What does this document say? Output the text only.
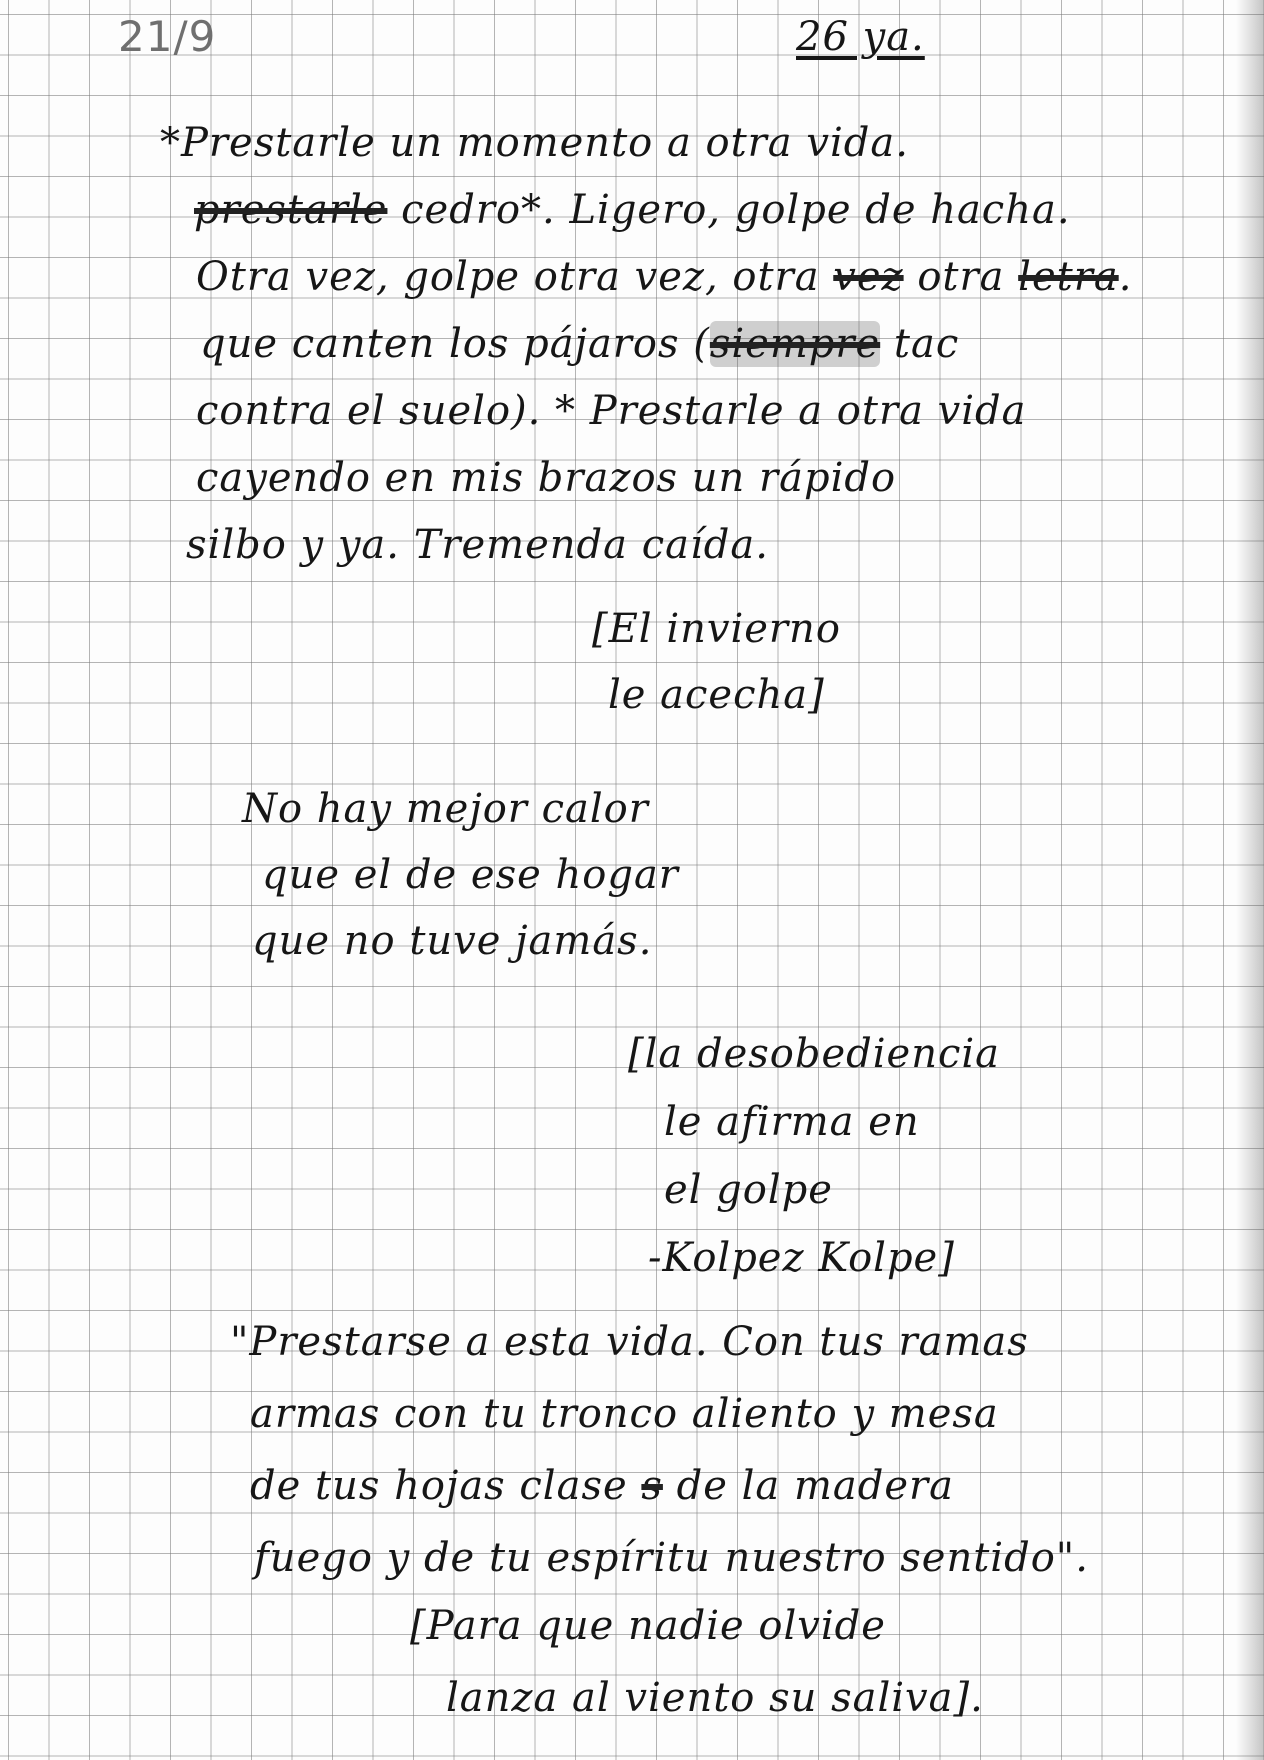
21/9	26 ya.
*Prestarle un momento a otra vida.
prestarle cedro*. Ligero, golpe de hacha.
Otra vez, golpe otra vez, otra vez otra letra.
que canten los pájaros (siempre tac
contra el suelo). * Prestarle a otra vida
cayendo en mis brazos un rápido
silbo y ya. Tremenda caída.
[El invierno
le acecha]
No hay mejor calor
que el de ese hogar
que no tuve jamás.
[la desobediencia
le afirma en
el golpe
-Kolpez Kolpe]
"Prestarse a esta vida. Con tus ramas
armas con tu tronco aliento y mesa
de tus hojas clase s de la madera
fuego y de tu espíritu nuestro sentido".
[Para que nadie olvide
lanza al viento su saliva].
